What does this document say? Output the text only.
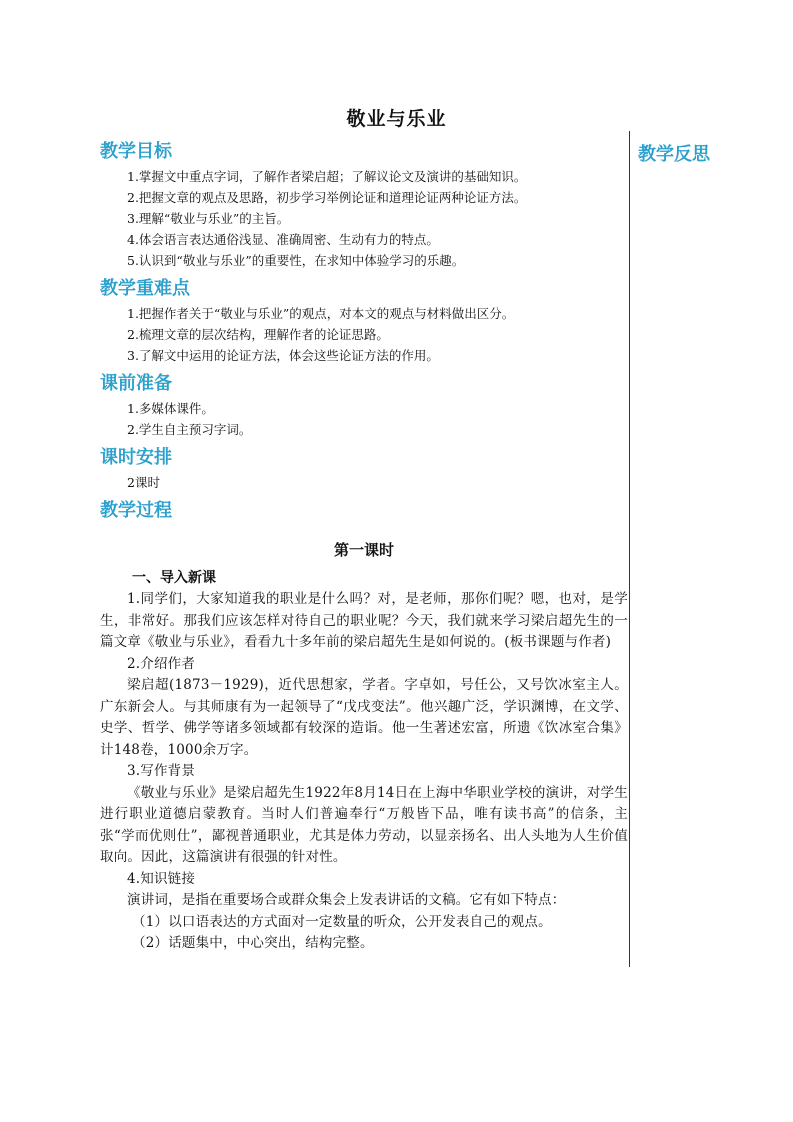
敬业与乐业
教学反思
教学目标
1.掌握文中重点字词，了解作者梁启超；了解议论文及演讲的基础知识。
2.把握文章的观点及思路，初步学习举例论证和道理论证两种论证方法。
3.理解“敬业与乐业”的主旨。
4.体会语言表达通俗浅显、准确周密、生动有力的特点。
5.认识到“敬业与乐业”的重要性，在求知中体验学习的乐趣。
教学重难点
1.把握作者关于“敬业与乐业”的观点，对本文的观点与材料做出区分。
2.梳理文章的层次结构，理解作者的论证思路。
3.了解文中运用的论证方法，体会这些论证方法的作用。
课前准备
1.多媒体课件。
2.学生自主预习字词。
课时安排
2课时
教学过程
第一课时
一、导入新课
1.同学们，大家知道我的职业是什么吗？对，是老师，那你们呢？嗯，也对，是学生，非常好。那我们应该怎样对待自己的职业呢？今天，我们就来学习梁启超先生的一篇文章《敬业与乐业》，看看九十多年前的梁启超先生是如何说的。(板书课题与作者)
2.介绍作者
梁启超(1873－1929)，近代思想家，学者。字卓如，号任公，又号饮冰室主人。广东新会人。与其师康有为一起领导了“戊戌变法”。他兴趣广泛，学识渊博，在文学、史学、哲学、佛学等诸多领域都有较深的造诣。他一生著述宏富，所遗《饮冰室合集》计148卷，1000余万字。
3.写作背景
《敬业与乐业》是梁启超先生1922年8月14日在上海中华职业学校的演讲，对学生进行职业道德启蒙教育。当时人们普遍奉行“万般皆下品，唯有读书高”的信条，主张“学而优则仕”，鄙视普通职业，尤其是体力劳动，以显亲扬名、出人头地为人生价值取向。因此，这篇演讲有很强的针对性。
4.知识链接
演讲词，是指在重要场合或群众集会上发表讲话的文稿。它有如下特点：
（1）以口语表达的方式面对一定数量的听众，公开发表自己的观点。
（2）话题集中，中心突出，结构完整。
